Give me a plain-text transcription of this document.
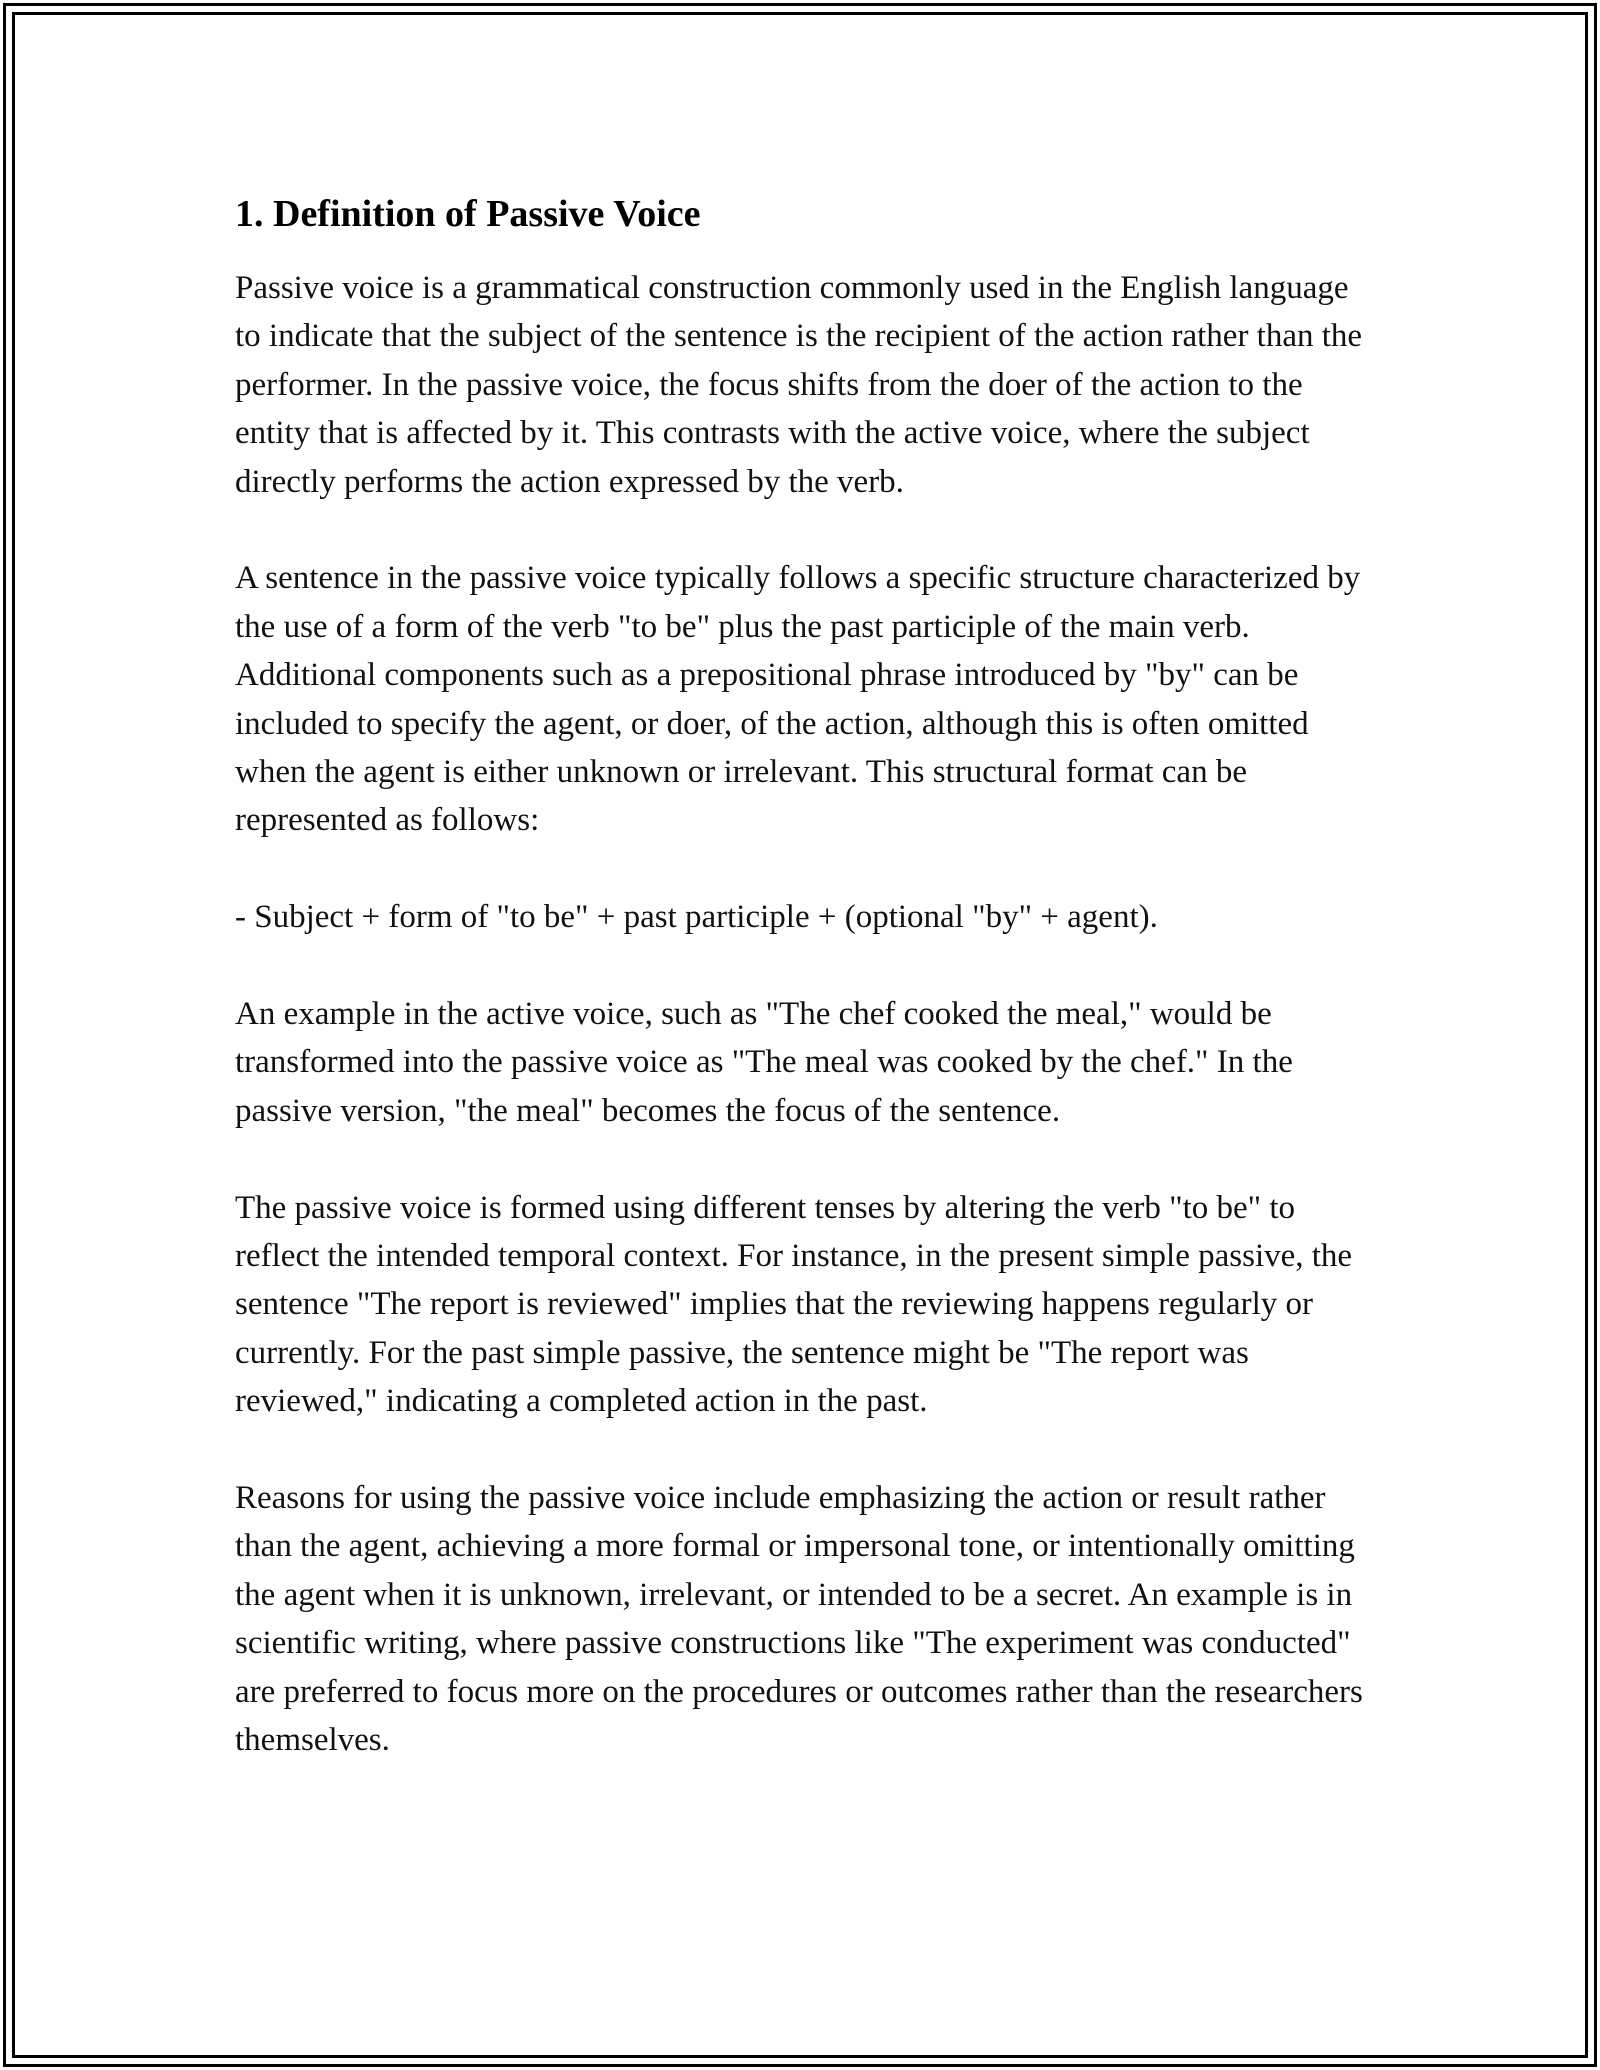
1. Definition of Passive Voice

Passive voice is a grammatical construction commonly used in the English language to indicate that the subject of the sentence is the recipient of the action rather than the performer. In the passive voice, the focus shifts from the doer of the action to the entity that is affected by it. This contrasts with the active voice, where the subject directly performs the action expressed by the verb.

A sentence in the passive voice typically follows a specific structure characterized by the use of a form of the verb "to be" plus the past participle of the main verb. Additional components such as a prepositional phrase introduced by "by" can be included to specify the agent, or doer, of the action, although this is often omitted when the agent is either unknown or irrelevant. This structural format can be represented as follows:

- Subject + form of "to be" + past participle + (optional "by" + agent).

An example in the active voice, such as "The chef cooked the meal," would be transformed into the passive voice as "The meal was cooked by the chef." In the passive version, "the meal" becomes the focus of the sentence.

The passive voice is formed using different tenses by altering the verb "to be" to reflect the intended temporal context. For instance, in the present simple passive, the sentence "The report is reviewed" implies that the reviewing happens regularly or currently. For the past simple passive, the sentence might be "The report was reviewed," indicating a completed action in the past.

Reasons for using the passive voice include emphasizing the action or result rather than the agent, achieving a more formal or impersonal tone, or intentionally omitting the agent when it is unknown, irrelevant, or intended to be a secret. An example is in scientific writing, where passive constructions like "The experiment was conducted" are preferred to focus more on the procedures or outcomes rather than the researchers themselves.
